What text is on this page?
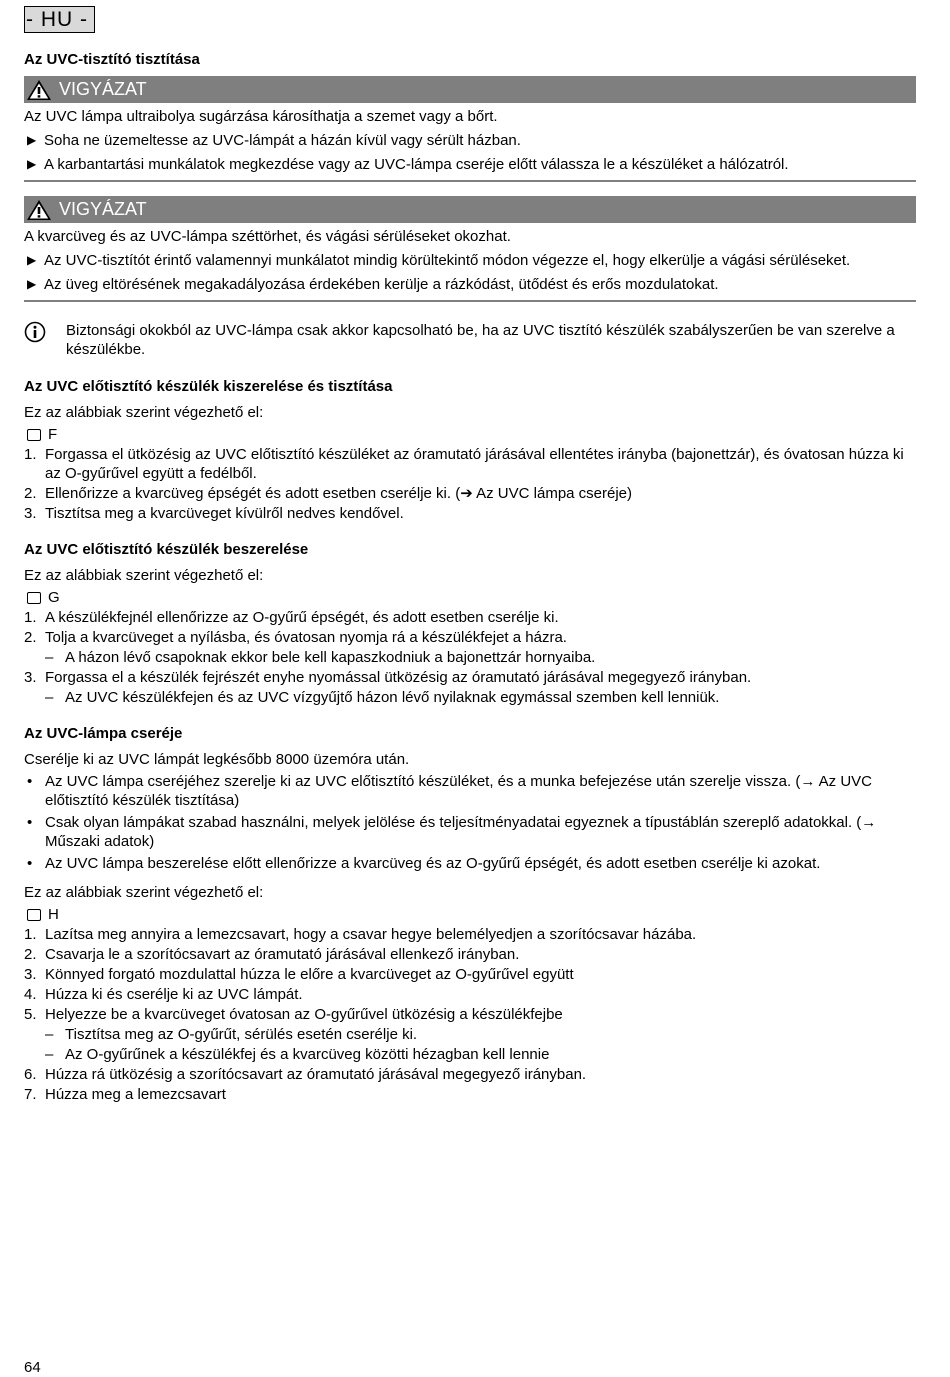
- HU -
Az UVC-tisztító tisztítása
VIGYÁZAT
Az UVC lámpa ultraibolya sugárzása károsíthatja a szemet vagy a bőrt.
▶ Soha ne üzemeltesse az UVC-lámpát a házán kívül vagy sérült házban.
▶ A karbantartási munkálatok megkezdése vagy az UVC-lámpa cseréje előtt válassza le a készüléket a hálózatról.
VIGYÁZAT
A kvarcüveg és az UVC-lámpa széttörhet, és vágási sérüléseket okozhat.
▶ Az UVC-tisztítót érintő valamennyi munkálatot mindig körültekintő módon végezze el, hogy elkerülje a vágási sérüléseket.
▶ Az üveg eltörésének megakadályozása érdekében kerülje a rázkódást, ütődést és erős mozdulatokat.
Biztonsági okokból az UVC-lámpa csak akkor kapcsolható be, ha az UVC tisztító készülék szabályszerűen be van szerelve a készülékbe.
Az UVC előtisztító készülék kiszerelése és tisztítása
Ez az alábbiak szerint végezhető el:
F
1. Forgassa el ütközésig az UVC előtisztító készüléket az óramutató járásával ellentétes irányba (bajonettzár), és óvatosan húzza ki az O-gyűrűvel együtt a fedélből.
2. Ellenőrizze a kvarcüveg épségét és adott esetben cserélje ki. (➔ Az UVC lámpa cseréje)
3. Tisztítsa meg a kvarcüveget kívülről nedves kendővel.
Az UVC előtisztító készülék beszerelése
Ez az alábbiak szerint végezhető el:
G
1. A készülékfejnél ellenőrizze az O-gyűrű épségét, és adott esetben cserélje ki.
2. Tolja a kvarcüveget a nyílásba, és óvatosan nyomja rá a készülékfejet a házra.
– A házon lévő csapoknak ekkor bele kell kapaszkodniuk a bajonettzár hornyaiba.
3. Forgassa el a készülék fejrészét enyhe nyomással ütközésig az óramutató járásával megegyező irányban.
– Az UVC készülékfejen és az UVC vízgyűjtő házon lévő nyilaknak egymással szemben kell lenniük.
Az UVC-lámpa cseréje
Cserélje ki az UVC lámpát legkésőbb 8000 üzemóra után.
• Az UVC lámpa cseréjéhez szerelje ki az UVC előtisztító készüléket, és a munka befejezése után szerelje vissza. (→ Az UVC előtisztító készülék tisztítása)
• Csak olyan lámpákat szabad használni, melyek jelölése és teljesítményadatai egyeznek a típustáblán szereplő adatokkal. (→ Műszaki adatok)
• Az UVC lámpa beszerelése előtt ellenőrizze a kvarcüveg és az O-gyűrű épségét, és adott esetben cserélje ki azokat.
Ez az alábbiak szerint végezhető el:
H
1. Lazítsa meg annyira a lemezcsavart, hogy a csavar hegye belemélyedjen a szorítócsavar házába.
2. Csavarja le a szorítócsavart az óramutató járásával ellenkező irányban.
3. Könnyed forgató mozdulattal húzza le előre a kvarcüveget az O-gyűrűvel együtt
4. Húzza ki és cserélje ki az UVC lámpát.
5. Helyezze be a kvarcüveget óvatosan az O-gyűrűvel ütközésig a készülékfejbe
– Tisztítsa meg az O-gyűrűt, sérülés esetén cserélje ki.
– Az O-gyűrűnek a készülékfej és a kvarcüveg közötti hézagban kell lennie
6. Húzza rá ütközésig a szorítócsavart az óramutató járásával megegyező irányban.
7. Húzza meg a lemezcsavart
64
